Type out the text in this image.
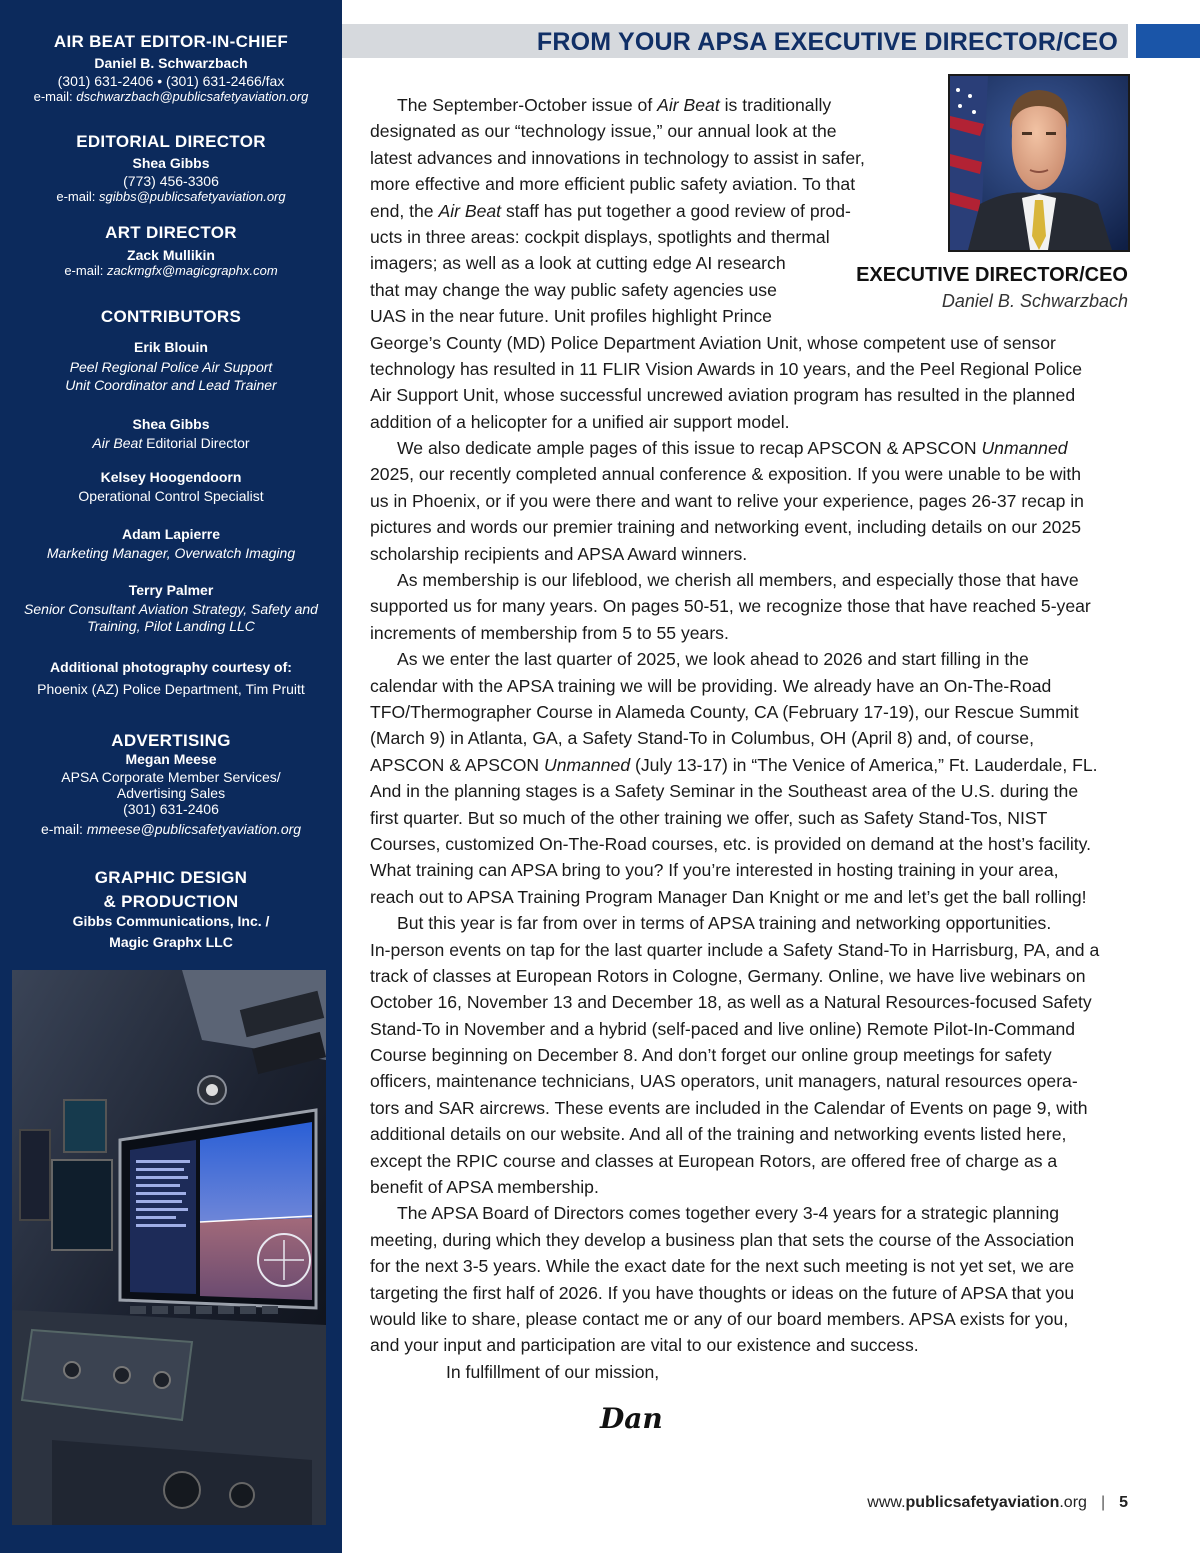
AIR BEAT EDITOR-IN-CHIEF
Daniel B. Schwarzbach
(301) 631-2406 • (301) 631-2466/fax
e-mail: dschwarzbach@publicsafetyaviation.org
EDITORIAL DIRECTOR
Shea Gibbs
(773) 456-3306
e-mail: sgibbs@publicsafetyaviation.org
ART DIRECTOR
Zack Mullikin
e-mail: zackmgfx@magicgraphx.com
CONTRIBUTORS
Erik Blouin
Peel Regional Police Air Support
Unit Coordinator and Lead Trainer
Shea Gibbs
Air Beat Editorial Director
Kelsey Hoogendoorn
Operational Control Specialist
Adam Lapierre
Marketing Manager, Overwatch Imaging
Terry Palmer
Senior Consultant Aviation Strategy, Safety and
Training, Pilot Landing LLC
Additional photography courtesy of:
Phoenix (AZ) Police Department, Tim Pruitt
ADVERTISING
Megan Meese
APSA Corporate Member Services/
Advertising Sales
(301) 631-2406
e-mail: mmeese@publicsafetyaviation.org
GRAPHIC DESIGN
& PRODUCTION
Gibbs Communications, Inc. /
Magic Graphx LLC
FROM YOUR APSA EXECUTIVE DIRECTOR/CEO
EXECUTIVE DIRECTOR/CEO
Daniel B. Schwarzbach
The September-October issue of Air Beat is traditionally
designated as our “technology issue,” our annual look at the
latest advances and innovations in technology to assist in safer,
more effective and more efficient public safety aviation. To that
end, the Air Beat staff has put together a good review of prod-
ucts in three areas: cockpit displays, spotlights and thermal
imagers; as well as a look at cutting edge AI research
that may change the way public safety agencies use
UAS in the near future. Unit profiles highlight Prince
George’s County (MD) Police Department Aviation Unit, whose competent use of sensor
technology has resulted in 11 FLIR Vision Awards in 10 years, and the Peel Regional Police
Air Support Unit, whose successful uncrewed aviation program has resulted in the planned
addition of a helicopter for a unified air support model.
We also dedicate ample pages of this issue to recap APSCON & APSCON Unmanned
2025, our recently completed annual conference & exposition. If you were unable to be with
us in Phoenix, or if you were there and want to relive your experience, pages 26-37 recap in
pictures and words our premier training and networking event, including details on our 2025
scholarship recipients and APSA Award winners.
As membership is our lifeblood, we cherish all members, and especially those that have
supported us for many years. On pages 50-51, we recognize those that have reached 5-year
increments of membership from 5 to 55 years.
As we enter the last quarter of 2025, we look ahead to 2026 and start filling in the
calendar with the APSA training we will be providing. We already have an On-The-Road
TFO/Thermographer Course in Alameda County, CA (February 17-19), our Rescue Summit
(March 9) in Atlanta, GA, a Safety Stand-To in Columbus, OH (April 8) and, of course,
APSCON & APSCON Unmanned (July 13-17) in “The Venice of America,” Ft. Lauderdale, FL.
And in the planning stages is a Safety Seminar in the Southeast area of the U.S. during the
first quarter. But so much of the other training we offer, such as Safety Stand-Tos, NIST
Courses, customized On-The-Road courses, etc. is provided on demand at the host’s facility.
What training can APSA bring to you? If you’re interested in hosting training in your area,
reach out to APSA Training Program Manager Dan Knight or me and let’s get the ball rolling!
But this year is far from over in terms of APSA training and networking opportunities.
In-person events on tap for the last quarter include a Safety Stand-To in Harrisburg, PA, and a
track of classes at European Rotors in Cologne, Germany. Online, we have live webinars on
October 16, November 13 and December 18, as well as a Natural Resources-focused Safety
Stand-To in November and a hybrid (self-paced and live online) Remote Pilot-In-Command
Course beginning on December 8. And don’t forget our online group meetings for safety
officers, maintenance technicians, UAS operators, unit managers, natural resources opera-
tors and SAR aircrews. These events are included in the Calendar of Events on page 9, with
additional details on our website. And all of the training and networking events listed here,
except the RPIC course and classes at European Rotors, are offered free of charge as a
benefit of APSA membership.
The APSA Board of Directors comes together every 3-4 years for a strategic planning
meeting, during which they develop a business plan that sets the course of the Association
for the next 3-5 years. While the exact date for the next such meeting is not yet set, we are
targeting the first half of 2026. If you have thoughts or ideas on the future of APSA that you
would like to share, please contact me or any of our board members. APSA exists for you,
and your input and participation are vital to our existence and success.
In fulfillment of our mission,
Dan
www.publicsafetyaviation.org | 5
